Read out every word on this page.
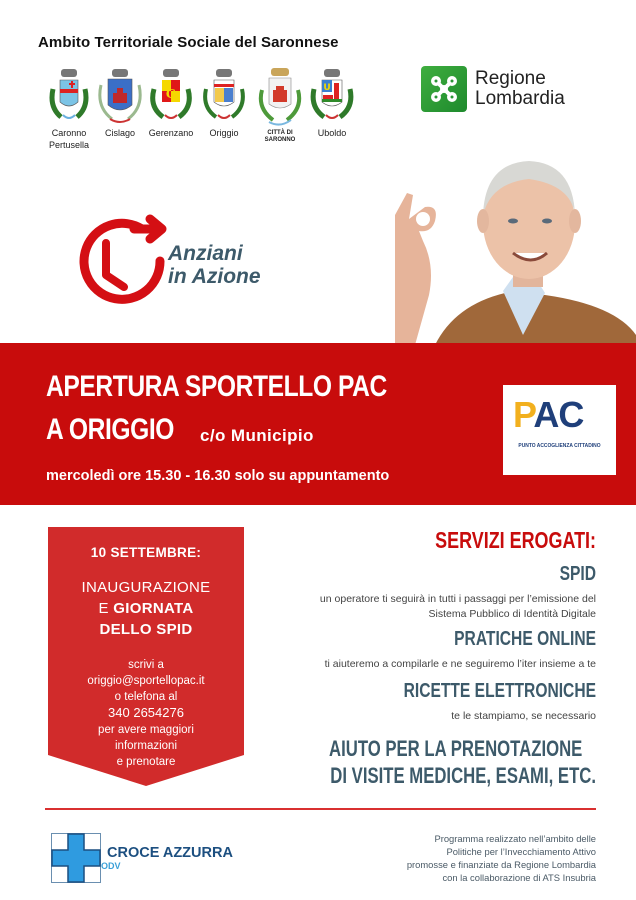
Ambito Territoriale Sociale del Saronnese
Caronno
Pertusella
Cislago
G
Gerenzano	Origgio	CITTÀ DI
SARONNO
U
Uboldo
Regione
Lombardia
Anziani
in Azione
APERTURA SPORTELLO PAC
A ORIGGIO c/o Municipio
mercoledì ore 15.30 - 16.30 solo su appuntamento
PAC
PUNTO ACCOGLIENZA CITTADINO
10 SETTEMBRE:
INAUGURAZIONE
E GIORNATA
DELLO SPID
scrivi a
origgio@sportellopac.it
o telefona al
340 2654276
per avere maggiori
informazioni
e prenotare
SERVIZI EROGATI:
SPID
un operatore ti seguirà in tutti i passaggi per l’emissione del
Sistema Pubblico di Identità Digitale
PRATICHE ONLINE
ti aiuteremo a compilarle e ne seguiremo l’iter insieme a te
RICETTE ELETTRONICHE
te le stampiamo, se necessario
AIUTO PER LA PRENOTAZIONE
DI VISITE MEDICHE, ESAMI, ETC.
CROCE AZZURRA
ODV
Programma realizzato nell’ambito delle
Politiche per l’Invecchiamento Attivo
promosse e finanziate da Regione Lombardia
con la collaborazione di ATS Insubria
